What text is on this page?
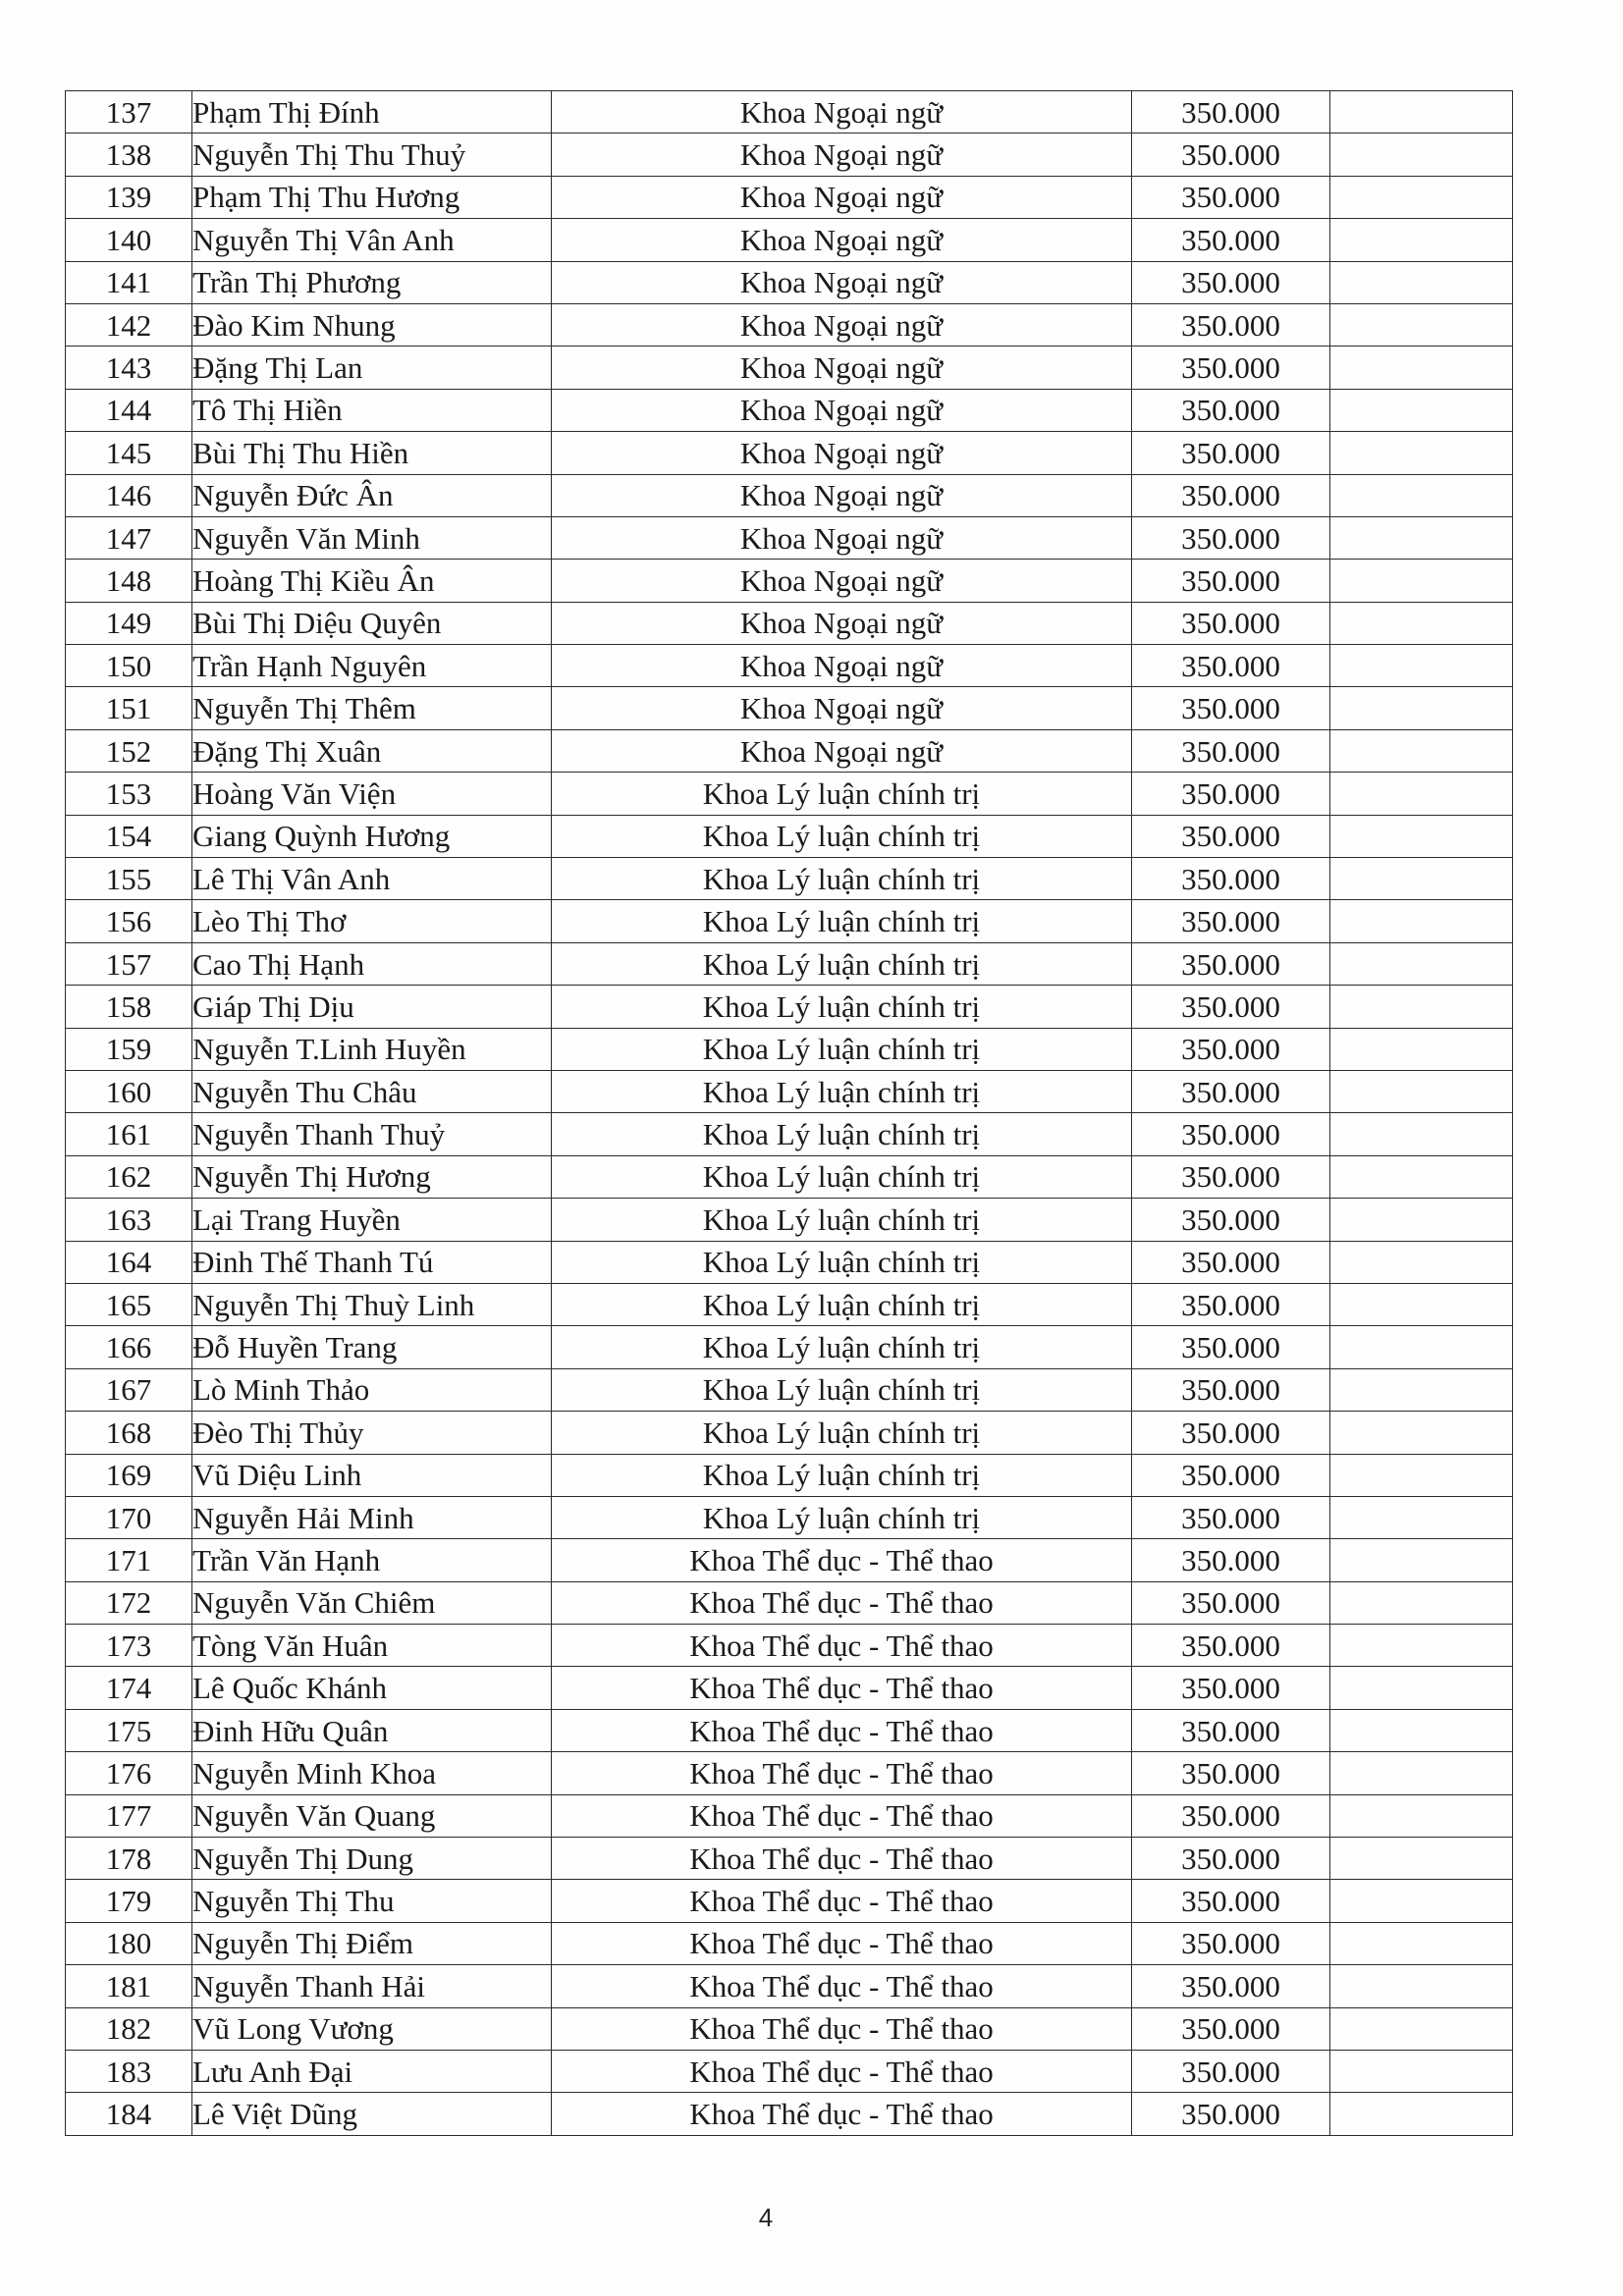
137	Phạm Thị Đính	Khoa Ngoại ngữ	350.000	
138	Nguyễn Thị Thu Thuỷ	Khoa Ngoại ngữ	350.000	
139	Phạm Thị Thu Hương	Khoa Ngoại ngữ	350.000	
140	Nguyễn Thị Vân Anh	Khoa Ngoại ngữ	350.000	
141	Trần Thị Phương	Khoa Ngoại ngữ	350.000	
142	Đào Kim Nhung	Khoa Ngoại ngữ	350.000	
143	Đặng Thị Lan	Khoa Ngoại ngữ	350.000	
144	Tô Thị Hiền	Khoa Ngoại ngữ	350.000	
145	Bùi Thị Thu Hiền	Khoa Ngoại ngữ	350.000	
146	Nguyễn Đức Ân	Khoa Ngoại ngữ	350.000	
147	Nguyễn Văn Minh	Khoa Ngoại ngữ	350.000	
148	Hoàng Thị Kiều Ân	Khoa Ngoại ngữ	350.000	
149	Bùi Thị Diệu Quyên	Khoa Ngoại ngữ	350.000	
150	Trần Hạnh Nguyên	Khoa Ngoại ngữ	350.000	
151	Nguyễn Thị Thêm	Khoa Ngoại ngữ	350.000	
152	Đặng Thị Xuân	Khoa Ngoại ngữ	350.000	
153	Hoàng Văn Viện	Khoa Lý luận chính trị	350.000	
154	Giang Quỳnh Hương	Khoa Lý luận chính trị	350.000	
155	Lê Thị Vân Anh	Khoa Lý luận chính trị	350.000	
156	Lèo Thị Thơ	Khoa Lý luận chính trị	350.000	
157	Cao Thị Hạnh	Khoa Lý luận chính trị	350.000	
158	Giáp Thị Dịu	Khoa Lý luận chính trị	350.000	
159	Nguyễn T.Linh Huyền	Khoa Lý luận chính trị	350.000	
160	Nguyễn Thu Châu	Khoa Lý luận chính trị	350.000	
161	Nguyễn Thanh Thuỷ	Khoa Lý luận chính trị	350.000	
162	Nguyễn Thị Hương	Khoa Lý luận chính trị	350.000	
163	Lại Trang Huyền	Khoa Lý luận chính trị	350.000	
164	Đinh Thế Thanh Tú	Khoa Lý luận chính trị	350.000	
165	Nguyễn Thị Thuỳ Linh	Khoa Lý luận chính trị	350.000	
166	Đỗ Huyền Trang	Khoa Lý luận chính trị	350.000	
167	Lò Minh Thảo	Khoa Lý luận chính trị	350.000	
168	Đèo Thị Thủy	Khoa Lý luận chính trị	350.000	
169	Vũ Diệu Linh	Khoa Lý luận chính trị	350.000	
170	Nguyễn Hải Minh	Khoa Lý luận chính trị	350.000	
171	Trần Văn Hạnh	Khoa Thể dục - Thể thao	350.000	
172	Nguyễn Văn Chiêm	Khoa Thể dục - Thể thao	350.000	
173	Tòng Văn Huân	Khoa Thể dục - Thể thao	350.000	
174	Lê Quốc Khánh	Khoa Thể dục - Thể thao	350.000	
175	Đinh Hữu Quân	Khoa Thể dục - Thể thao	350.000	
176	Nguyễn Minh Khoa	Khoa Thể dục - Thể thao	350.000	
177	Nguyễn Văn Quang	Khoa Thể dục - Thể thao	350.000	
178	Nguyễn Thị Dung	Khoa Thể dục - Thể thao	350.000	
179	Nguyễn Thị Thu	Khoa Thể dục - Thể thao	350.000	
180	Nguyễn Thị Điểm	Khoa Thể dục - Thể thao	350.000	
181	Nguyễn Thanh Hải	Khoa Thể dục - Thể thao	350.000	
182	Vũ Long Vương	Khoa Thể dục - Thể thao	350.000	
183	Lưu Anh Đại	Khoa Thể dục - Thể thao	350.000	
184	Lê Việt Dũng	Khoa Thể dục - Thể thao	350.000	
4
